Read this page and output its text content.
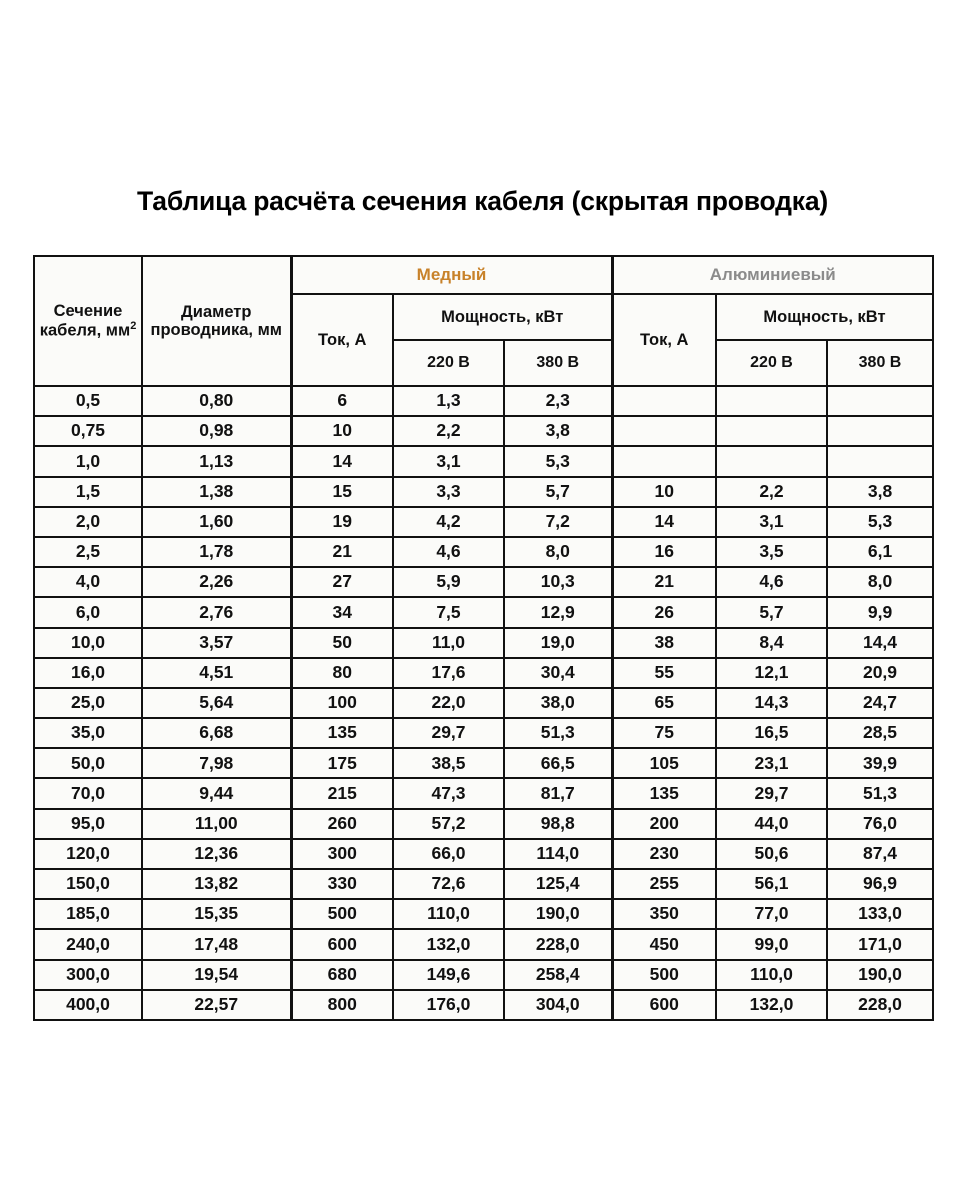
Таблица расчёта сечения кабеля (скрытая проводка)
Сечение кабеля, $мм^2$	Диаметр проводника, мм	Медный			Алюминиевый		
		Ток, А	Мощность, кВт		Ток, А	Мощность, кВт	
			220 В	380 В		220 В	380 В
0,5	0,80	6	1,3	2,3			
0,75	0,98	10	2,2	3,8			
1,0	1,13	14	3,1	5,3			
1,5	1,38	15	3,3	5,7	10	2,2	3,8
2,0	1,60	19	4,2	7,2	14	3,1	5,3
2,5	1,78	21	4,6	8,0	16	3,5	6,1
4,0	2,26	27	5,9	10,3	21	4,6	8,0
6,0	2,76	34	7,5	12,9	26	5,7	9,9
10,0	3,57	50	11,0	19,0	38	8,4	14,4
16,0	4,51	80	17,6	30,4	55	12,1	20,9
25,0	5,64	100	22,0	38,0	65	14,3	24,7
35,0	6,68	135	29,7	51,3	75	16,5	28,5
50,0	7,98	175	38,5	66,5	105	23,1	39,9
70,0	9,44	215	47,3	81,7	135	29,7	51,3
95,0	11,00	260	57,2	98,8	200	44,0	76,0
120,0	12,36	300	66,0	114,0	230	50,6	87,4
150,0	13,82	330	72,6	125,4	255	56,1	96,9
185,0	15,35	500	110,0	190,0	350	77,0	133,0
240,0	17,48	600	132,0	228,0	450	99,0	171,0
300,0	19,54	680	149,6	258,4	500	110,0	190,0
400,0	22,57	800	176,0	304,0	600	132,0	228,0
